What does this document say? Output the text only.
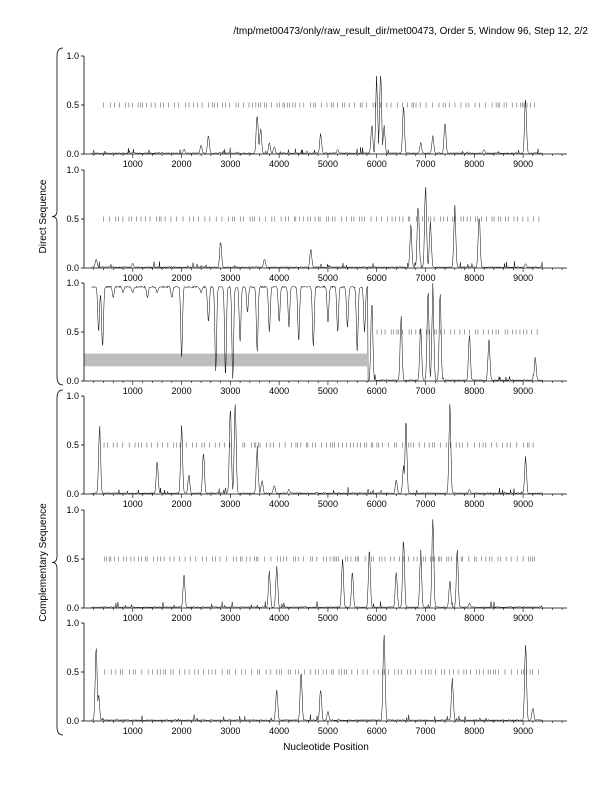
/tmp/met00473/only/raw_result_dir/met00473, Order 5, Window 96, Step 12, 2/2
Direct Sequence
Complementary Sequence
0.0
0.5
1.0
1000	2000	3000	4000	5000	6000	7000	8000	9000
0.0
0.5
1.0
1000	2000	3000	4000	5000	6000	7000	8000	9000
0.0
0.5
1.0
1000	2000	3000	4000	5000	6000	7000	8000	9000
0.0
0.5
1.0
1000	2000	3000	4000	5000	6000	7000	8000	9000
0.0
0.5
1.0
1000	2000	3000	4000	5000	6000	7000	8000	9000
0.0
0.5
1.0
1000	2000	3000	4000	5000	6000	7000	8000	9000
Nucleotide Position
